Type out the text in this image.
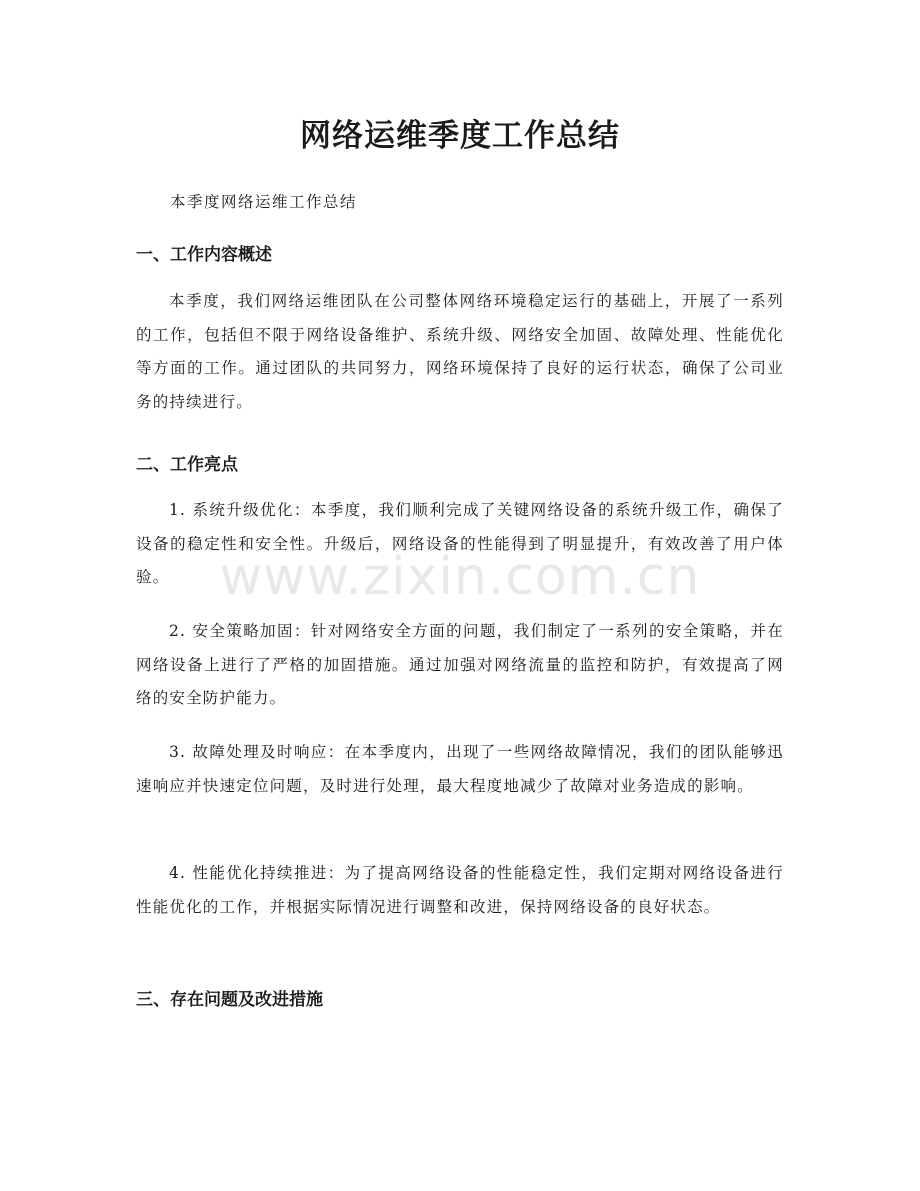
网络运维季度工作总结

本季度网络运维工作总结

一、工作内容概述

本季度，我们网络运维团队在公司整体网络环境稳定运行的基础上，开展了一系列的工作，包括但不限于网络设备维护、系统升级、网络安全加固、故障处理、性能优化等方面的工作。通过团队的共同努力，网络环境保持了良好的运行状态，确保了公司业务的持续进行。

二、工作亮点

1. 系统升级优化：本季度，我们顺利完成了关键网络设备的系统升级工作，确保了设备的稳定性和安全性。升级后，网络设备的性能得到了明显提升，有效改善了用户体验。

2. 安全策略加固：针对网络安全方面的问题，我们制定了一系列的安全策略，并在网络设备上进行了严格的加固措施。通过加强对网络流量的监控和防护，有效提高了网络的安全防护能力。

3. 故障处理及时响应：在本季度内，出现了一些网络故障情况，我们的团队能够迅速响应并快速定位问题，及时进行处理，最大程度地减少了故障对业务造成的影响。

4. 性能优化持续推进：为了提高网络设备的性能稳定性，我们定期对网络设备进行性能优化的工作，并根据实际情况进行调整和改进，保持网络设备的良好状态。

三、存在问题及改进措施
www.zixin.com.cn
